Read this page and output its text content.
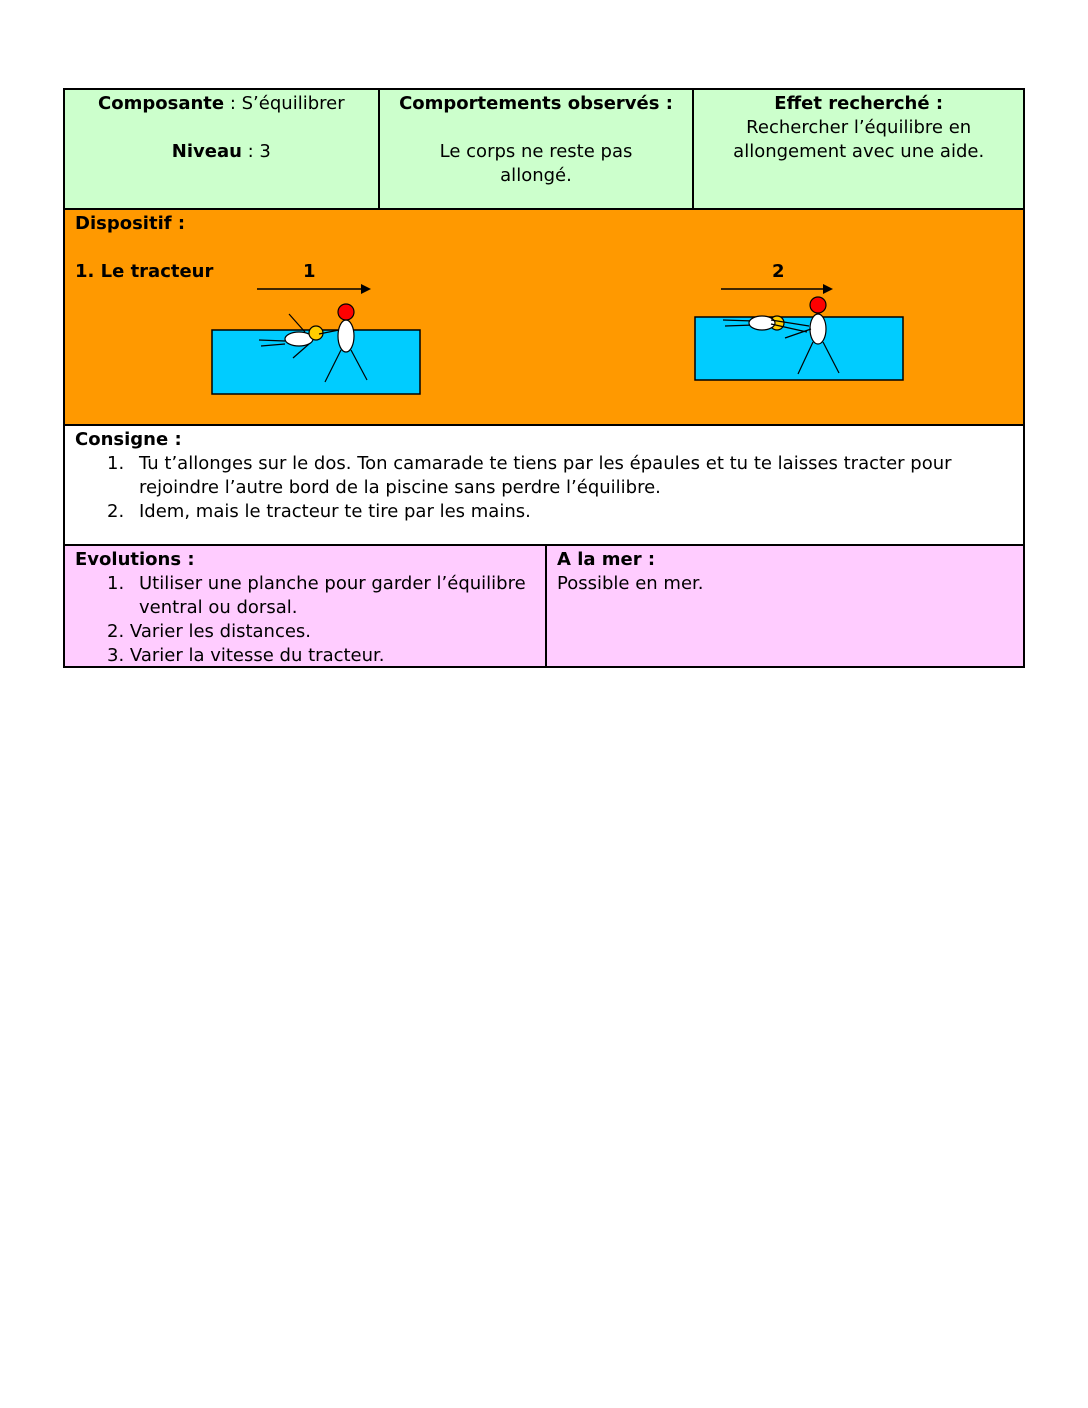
Composante : S’équilibrer
Niveau : 3
Comportements observés :
Le corps ne reste pas allongé.
Effet recherché :
Rechercher l’équilibre en allongement avec une aide.
Dispositif :
1. Le tracteur	1	2
Consigne :
1. Tu t’allonges sur le dos. Ton camarade te tiens par les épaules et tu te laisses tracter pour rejoindre l’autre bord de la piscine sans perdre l’équilibre.
2. Idem, mais le tracteur te tire par les mains.
Evolutions :
1. Utiliser une planche pour garder l’équilibre ventral ou dorsal.
2. Varier les distances.
3. Varier la vitesse du tracteur.
A la mer :
Possible en mer.
